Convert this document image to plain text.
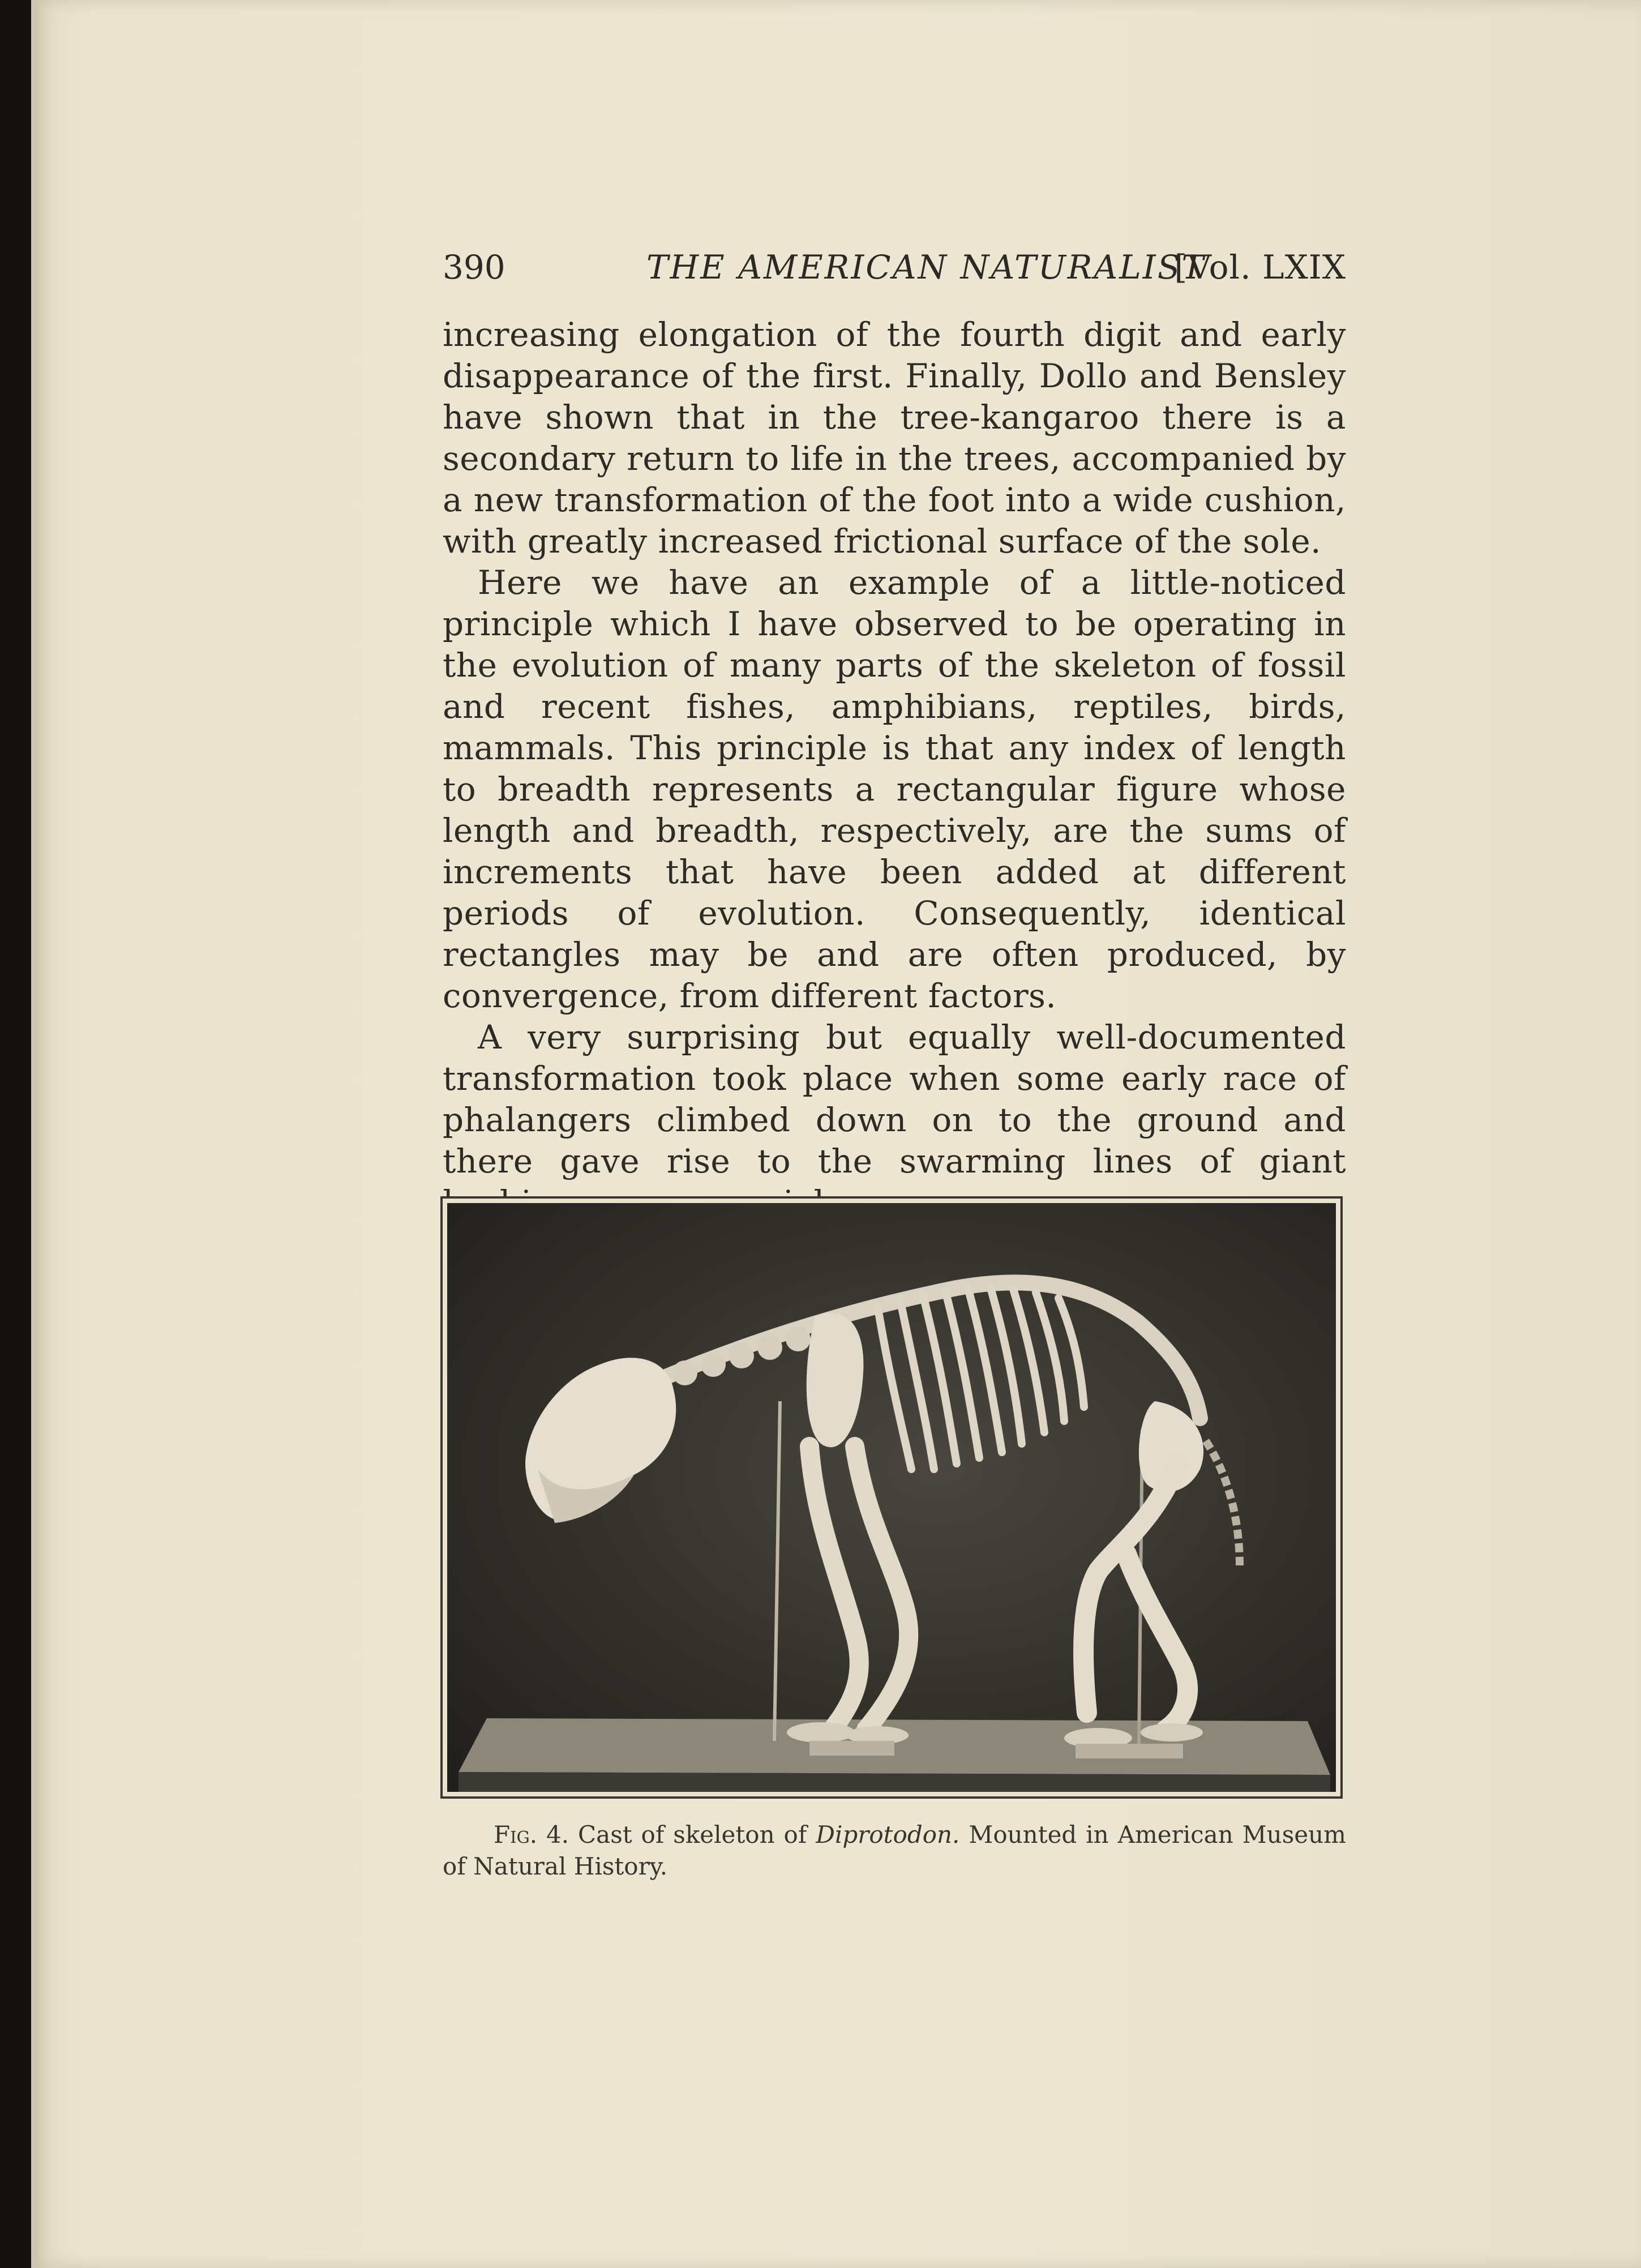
390	THE AMERICAN NATURALIST
[Vol. LXIX

increasing elongation of the fourth digit and early disappearance of the first. Finally, Dollo and Bensley have shown that in the tree-kangaroo there is a secondary return to life in the trees, accompanied by a new transformation of the foot into a wide cushion, with greatly increased frictional surface of the sole.

Here we have an example of a little-noticed principle which I have observed to be operating in the evolution of many parts of the skeleton of fossil and recent fishes, amphibians, reptiles, birds, mammals. This principle is that any index of length to breadth represents a rectangular figure whose length and breadth, respectively, are the sums of increments that have been added at different periods of evolution. Consequently, identical rectangles may be and are often produced, by convergence, from different factors.

A very surprising but equally well-documented transformation took place when some early race of phalangers climbed down on to the ground and there gave rise to the swarming lines of giant

Fig. 4. Cast of skeleton of Diprotodon. Mounted in American Museum of Natural History.
